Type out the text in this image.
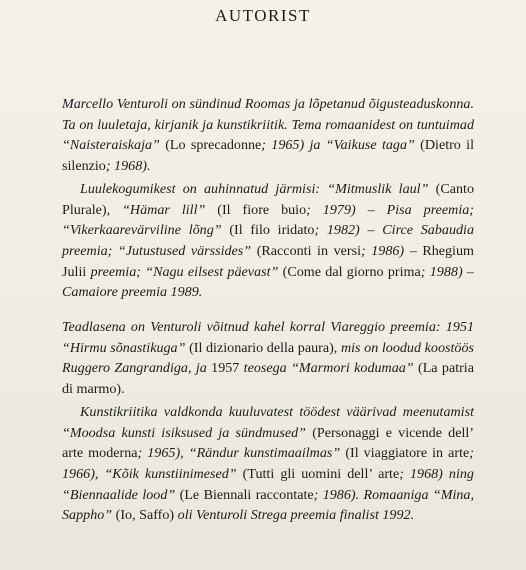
AUTORIST

Marcello Venturoli on sündinud Roomas ja lõpetanud õigusteaduskonna. Ta on luuletaja, kirjanik ja kunstikriitik. Tema romaanidest on tuntuimad “Naisteraiskaja” (Lo sprecadonne; 1965) ja “Vaikuse taga” (Dietro il silenzio; 1968).

Luulekogumikest on auhinnatud järmisi: “Mitmuslik laul” (Canto Plurale), “Hämar lill” (Il fiore buio; 1979) – Pisa preemia; “Vikerkaarevärviline lõng” (Il filo iridato; 1982) – Circe Sabaudia preemia; “Jutustused värssides” (Racconti in versi; 1986) – Rhegium Julii preemia; “Nagu eilsest päevast” (Come dal giorno prima; 1988) – Camaiore preemia 1989.

Teadlasena on Venturoli võitnud kahel korral Viareggio preemia: 1951 “Hirmu sõnastikuga” (Il dizionario della paura), mis on loodud koostöös Ruggero Zangrandiga, ja 1957 teosega “Marmori kodumaa” (La patria di marmo).

Kunstikriitika valdkonda kuuluvatest töödest väärivad meenutamist “Moodsa kunsti isiksused ja sündmused” (Personaggi e vicende dell’ arte moderna; 1965), “Rändur kunstimaailmas” (Il viaggiatore in arte; 1966), “Kõik kunstiinimesed” (Tutti gli uomini dell’ arte; 1968) ning “Biennaalide lood” (Le Biennali raccontate; 1986). Romaaniga “Mina, Sappho” (Io, Saffo) oli Venturoli Strega preemia finalist 1992.
